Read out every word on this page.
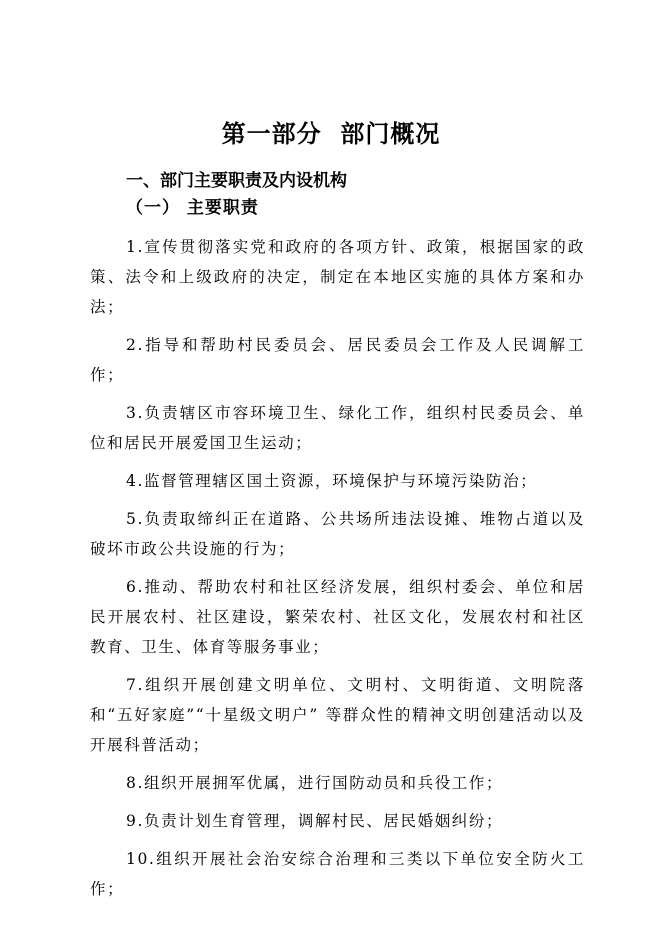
第一部分  部门概况
一、部门主要职责及内设机构
（一） 主要职责

1.宣传贯彻落实党和政府的各项方针、政策，根据国家的政策、法令和上级政府的决定，制定在本地区实施的具体方案和办法；

2.指导和帮助村民委员会、居民委员会工作及人民调解工作；

3.负责辖区市容环境卫生、绿化工作，组织村民委员会、单位和居民开展爱国卫生运动；

4.监督管理辖区国土资源，环境保护与环境污染防治；

5.负责取缔纠正在道路、公共场所违法设摊、堆物占道以及破坏市政公共设施的行为；

6.推动、帮助农村和社区经济发展，组织村委会、单位和居民开展农村、社区建设，繁荣农村、社区文化，发展农村和社区教育、卫生、体育等服务事业；

7.组织开展创建文明单位、文明村、文明街道、文明院落和“五好家庭”“十星级文明户” 等群众性的精神文明创建活动以及开展科普活动；

8.组织开展拥军优属，进行国防动员和兵役工作；

9.负责计划生育管理，调解村民、居民婚姻纠纷；

10.组织开展社会治安综合治理和三类以下单位安全防火工作；
